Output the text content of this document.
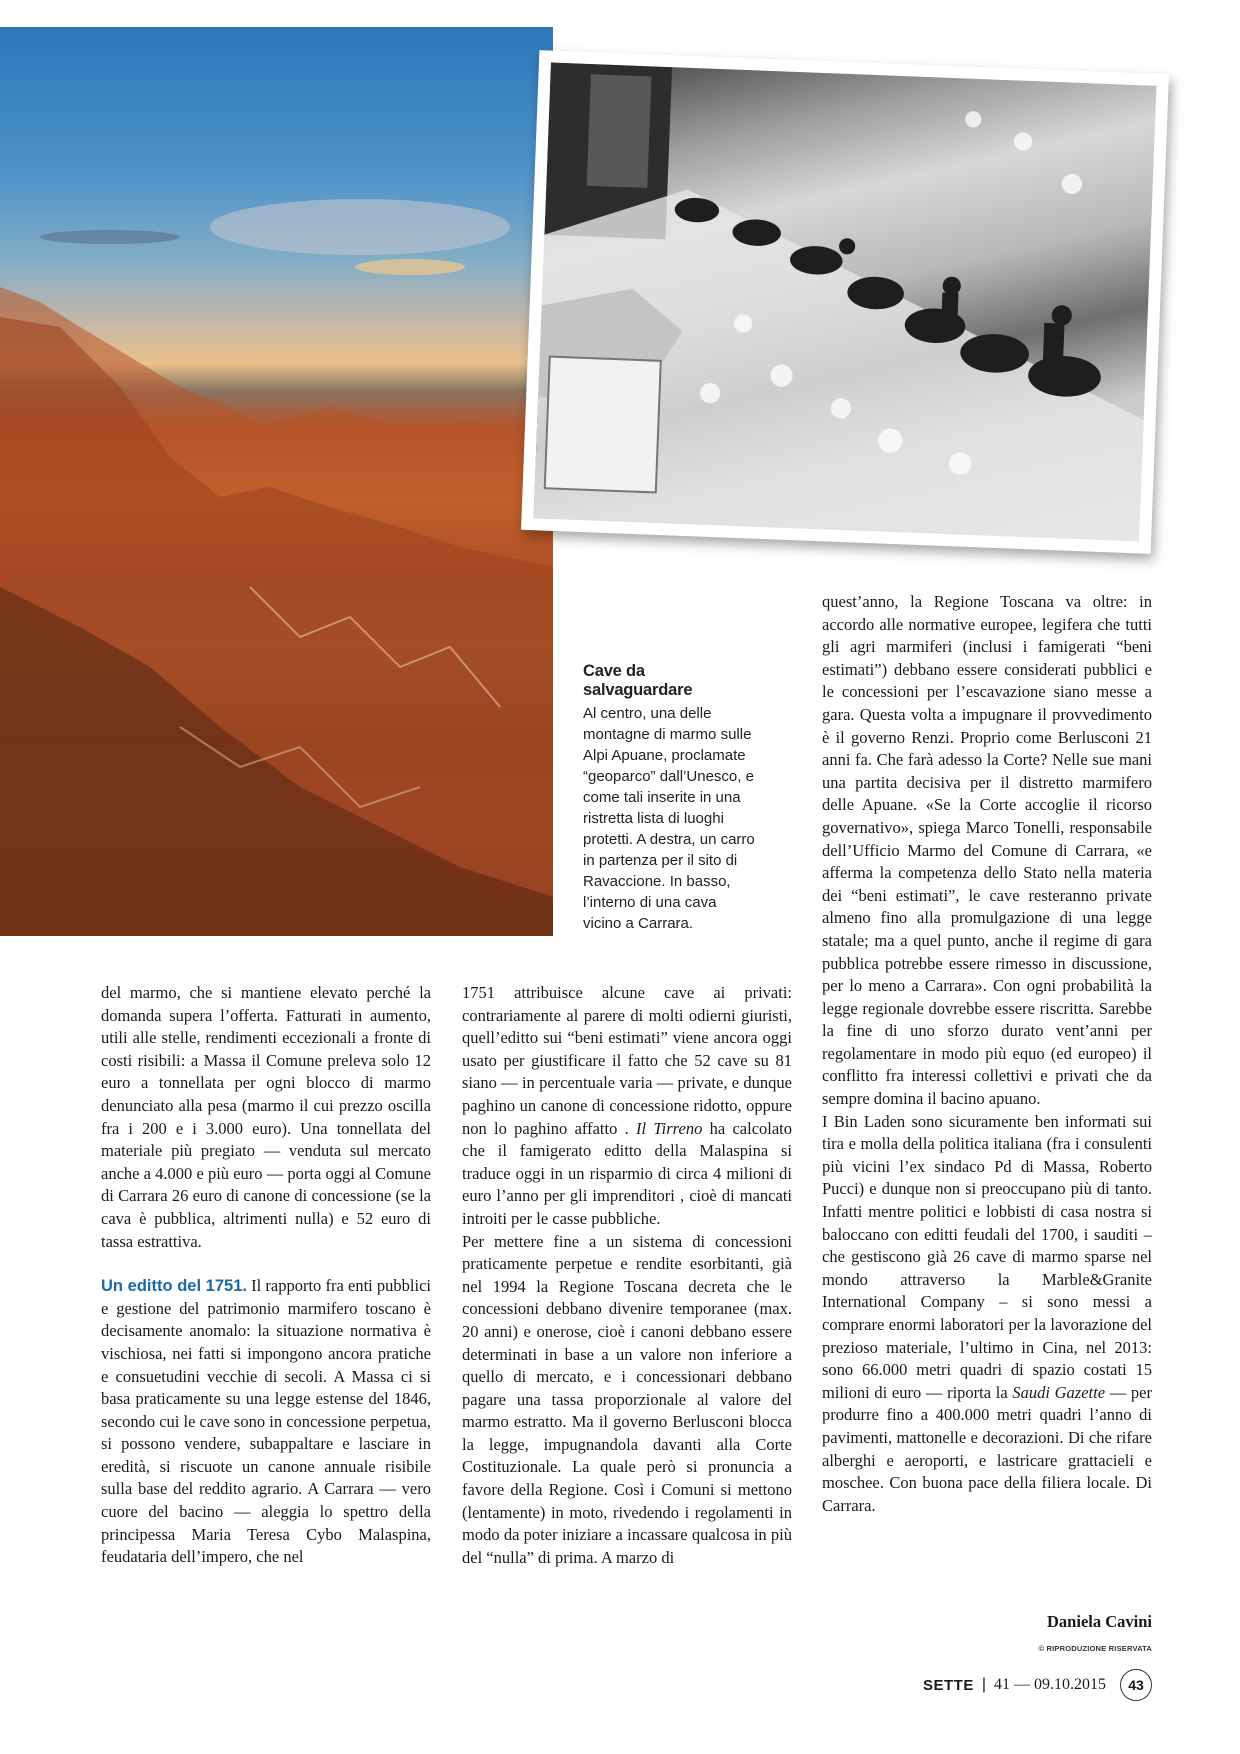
Cave da salvaguardare

Al centro, una delle montagne di marmo sulle Alpi Apuane, proclamate “geoparco” dall’Unesco, e come tali inserite in una ristretta lista di luoghi protetti. A destra, un carro in partenza per il sito di Ravaccione. In basso, l’interno di una cava vicino a Carrara.

del marmo, che si mantiene elevato perché la domanda supera l’offerta. Fatturati in aumento, utili alle stelle, rendimenti eccezionali a fronte di costi risibili: a Massa il Comune preleva solo 12 euro a tonnellata per ogni blocco di marmo denunciato alla pesa (marmo il cui prezzo oscilla fra i 200 e i 3.000 euro). Una tonnellata del materiale più pregiato — venduta sul mercato anche a 4.000 e più euro — porta oggi al Comune di Carrara 26 euro di canone di concessione (se la cava è pubblica, altrimenti nulla) e 52 euro di tassa estrattiva.

Un editto del 1751. Il rapporto fra enti pubblici e gestione del patrimonio marmifero toscano è decisamente anomalo: la situazione normativa è vischiosa, nei fatti si impongono ancora pratiche e consuetudini vecchie di secoli. A Massa ci si basa praticamente su una legge estense del 1846, secondo cui le cave sono in concessione perpetua, si possono vendere, subappaltare e lasciare in eredità, si riscuote un canone annuale risibile sulla base del reddito agrario. A Carrara — vero cuore del bacino — aleggia lo spettro della principessa Maria Teresa Cybo Malaspina, feudataria dell’impero, che nel

1751 attribuisce alcune cave ai privati: contrariamente al parere di molti odierni giuristi, quell’editto sui “beni estimati” viene ancora oggi usato per giustificare il fatto che 52 cave su 81 siano — in percentuale varia — private, e dunque paghino un canone di concessione ridotto, oppure non lo paghino affatto . Il Tirreno ha calcolato che il famigerato editto della Malaspina si traduce oggi in un risparmio di circa 4 milioni di euro l’anno per gli imprenditori , cioè di mancati introiti per le casse pubbliche.

Per mettere fine a un sistema di concessioni praticamente perpetue e rendite esorbitanti, già nel 1994 la Regione Toscana decreta che le concessioni debbano divenire temporanee (max. 20 anni) e onerose, cioè i canoni debbano essere determinati in base a un valore non inferiore a quello di mercato, e i concessionari debbano pagare una tassa proporzionale al valore del marmo estratto. Ma il governo Berlusconi blocca la legge, impugnandola davanti alla Corte Costituzionale. La quale però si pronuncia a favore della Regione. Così i Comuni si mettono (lentamente) in moto, rivedendo i regolamenti in modo da poter iniziare a incassare qualcosa in più del “nulla” di prima. A marzo di

quest’anno, la Regione Toscana va oltre: in accordo alle normative europee, legifera che tutti gli agri marmiferi (inclusi i famigerati “beni estimati”) debbano essere considerati pubblici e le concessioni per l’escavazione siano messe a gara. Questa volta a impugnare il provvedimento è il governo Renzi. Proprio come Berlusconi 21 anni fa. Che farà adesso la Corte? Nelle sue mani una partita decisiva per il distretto marmifero delle Apuane. «Se la Corte accoglie il ricorso governativo», spiega Marco Tonelli, responsabile dell’Ufficio Marmo del Comune di Carrara, «e afferma la competenza dello Stato nella materia dei “beni estimati”, le cave resteranno private almeno fino alla promulgazione di una legge statale; ma a quel punto, anche il regime di gara pubblica potrebbe essere rimesso in discussione, per lo meno a Carrara». Con ogni probabilità la legge regionale dovrebbe essere riscritta. Sarebbe la fine di uno sforzo durato vent’anni per regolamentare in modo più equo (ed europeo) il conflitto fra interessi collettivi e privati che da sempre domina il bacino apuano.

I Bin Laden sono sicuramente ben informati sui tira e molla della politica italiana (fra i consulenti più vicini l’ex sindaco Pd di Massa, Roberto Pucci) e dunque non si preoccupano più di tanto. Infatti mentre politici e lobbisti di casa nostra si baloccano con editti feudali del 1700, i sauditi – che gestiscono già 26 cave di marmo sparse nel mondo attraverso la Marble&Granite International Company – si sono messi a comprare enormi laboratori per la lavorazione del prezioso materiale, l’ultimo in Cina, nel 2013: sono 66.000 metri quadri di spazio costati 15 milioni di euro — riporta la Saudi Gazette — per produrre fino a 400.000 metri quadri l’anno di pavimenti, mattonelle e decorazioni. Di che rifare alberghi e aeroporti, e lastricare grattacieli e moschee. Con buona pace della filiera locale. Di Carrara.

Daniela Cavini
© RIPRODUZIONE RISERVATA
SETTE | 41 — 09.10.2015	43
